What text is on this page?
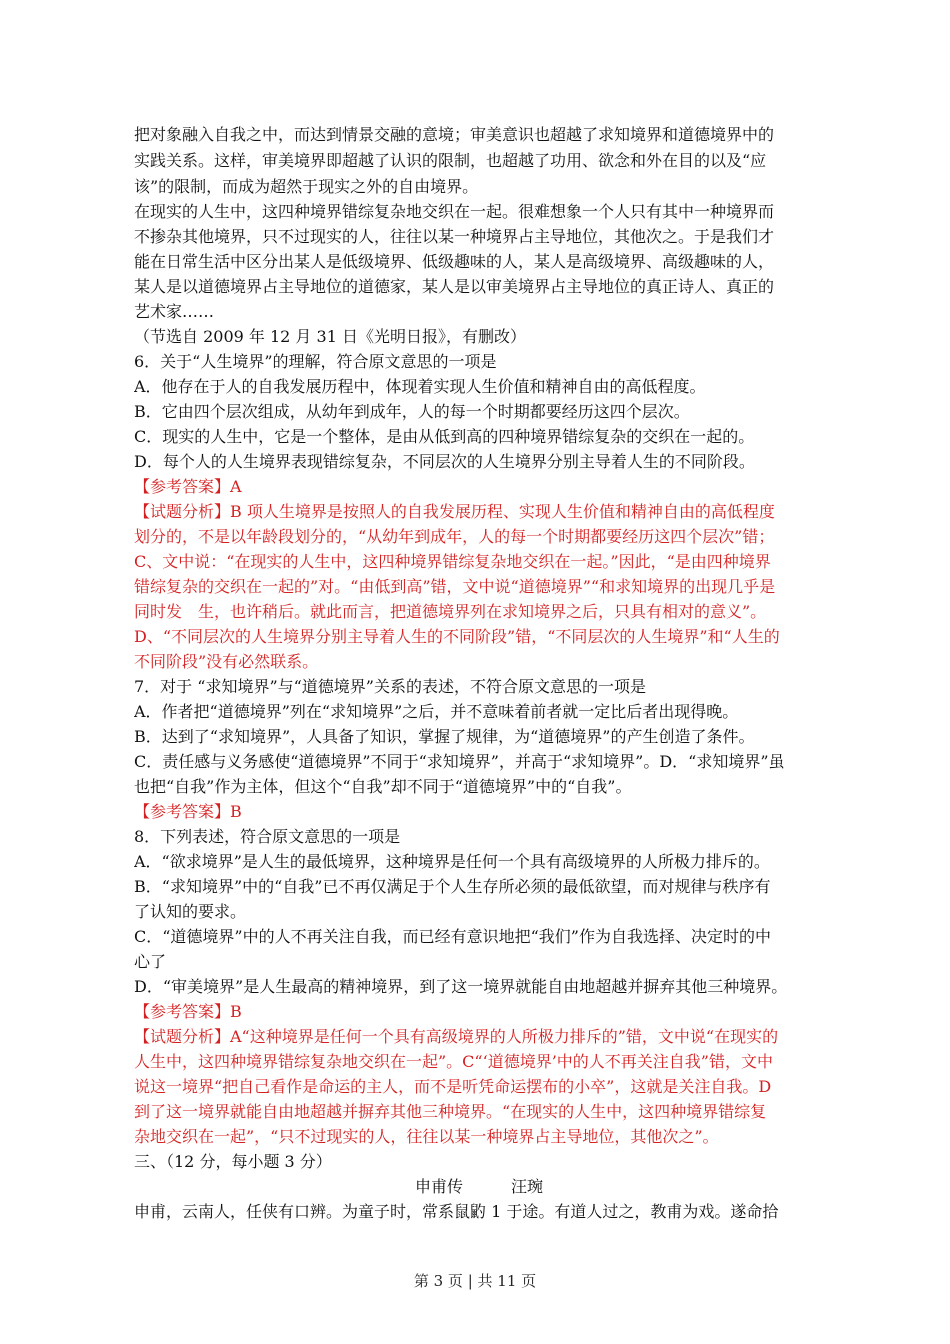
把对象融入自我之中，而达到情景交融的意境；审美意识也超越了求知境界和道德境界中的
实践关系。这样，审美境界即超越了认识的限制，也超越了功用、欲念和外在目的以及“应
该”的限制，而成为超然于现实之外的自由境界。
在现实的人生中，这四种境界错综复杂地交织在一起。很难想象一个人只有其中一种境界而
不掺杂其他境界，只不过现实的人，往往以某一种境界占主导地位，其他次之。于是我们才
能在日常生活中区分出某人是低级境界、低级趣味的人，某人是高级境界、高级趣味的人，
某人是以道德境界占主导地位的道德家，某人是以审美境界占主导地位的真正诗人、真正的
艺术家……
（节选自 2009 年 12 月 31 日《光明日报》，有删改）
6．关于“人生境界”的理解，符合原文意思的一项是
A．他存在于人的自我发展历程中，体现着实现人生价值和精神自由的高低程度。
B．它由四个层次组成，从幼年到成年，人的每一个时期都要经历这四个层次。
C．现实的人生中，它是一个整体，是由从低到高的四种境界错综复杂的交织在一起的。
D．每个人的人生境界表现错综复杂，不同层次的人生境界分别主导着人生的不同阶段。
【参考答案】A
【试题分析】B 项人生境界是按照人的自我发展历程、实现人生价值和精神自由的高低程度
划分的，不是以年龄段划分的，“从幼年到成年，人的每一个时期都要经历这四个层次”错；
C、文中说：“在现实的人生中，这四种境界错综复杂地交织在一起。”因此，“是由四种境界
错综复杂的交织在一起的”对。“由低到高”错，文中说“道德境界”“和求知境界的出现几乎是
同时发　生，也许稍后。就此而言，把道德境界列在求知境界之后，只具有相对的意义”。
D、“不同层次的人生境界分别主导着人生的不同阶段”错，“不同层次的人生境界”和“人生的
不同阶段”没有必然联系。
7．对于 “求知境界”与“道德境界”关系的表述，不符合原文意思的一项是
A．作者把“道德境界”列在“求知境界”之后，并不意味着前者就一定比后者出现得晚。
B．达到了“求知境界”，人具备了知识，掌握了规律，为“道德境界”的产生创造了条件。
C．责任感与义务感使“道德境界”不同于“求知境界”，并高于“求知境界”。D．“求知境界”虽
也把“自我”作为主体，但这个“自我”却不同于“道德境界”中的“自我”。
【参考答案】B
8．下列表述，符合原文意思的一项是
A．“欲求境界”是人生的最低境界，这种境界是任何一个具有高级境界的人所极力排斥的。
B．“求知境界”中的“自我”已不再仅满足于个人生存所必须的最低欲望，而对规律与秩序有
了认知的要求。
C．“道德境界”中的人不再关注自我，而已经有意识地把“我们”作为自我选择、决定时的中
心了
D．“审美境界”是人生最高的精神境界，到了这一境界就能自由地超越并摒弃其他三种境界。
【参考答案】B
【试题分析】A“这种境界是任何一个具有高级境界的人所极力排斥的”错，文中说“在现实的
人生中，这四种境界错综复杂地交织在一起”。C“‘道德境界’中的人不再关注自我”错，文中
说这一境界“把自己看作是命运的主人，而不是听凭命运摆布的小卒”，这就是关注自我。D
到了这一境界就能自由地超越并摒弃其他三种境界。“在现实的人生中，这四种境界错综复
杂地交织在一起”，“只不过现实的人，往往以某一种境界占主导地位，其他次之”。
三、（12 分，每小题 3 分）
申甫传　　　汪琬
申甫，云南人，任侠有口辨。为童子时，常系鼠䶂 1 于途。有道人过之，教甫为戏。遂命拾
第 3 页 | 共 11 页
